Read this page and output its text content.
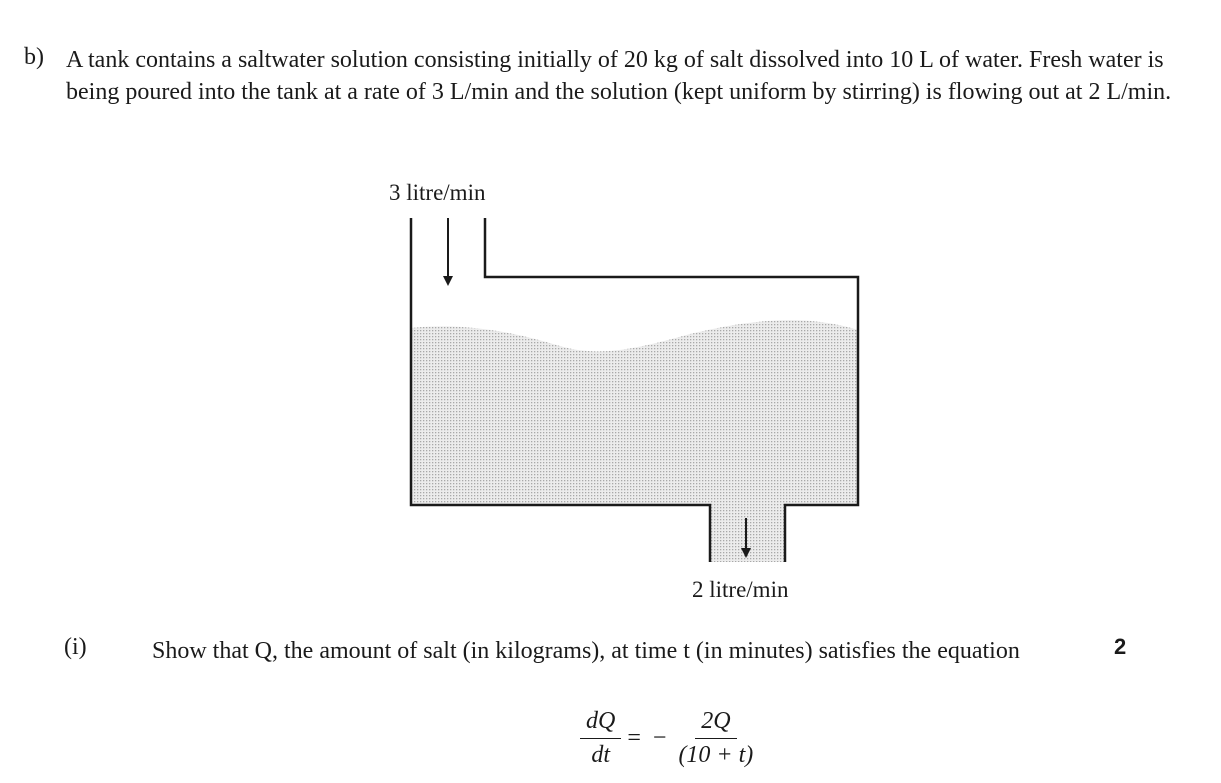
b) A tank contains a saltwater solution consisting initially of 20 kg of salt dissolved into 10 L of water. Fresh water is being poured into the tank at a rate of 3 L/min and the solution (kept uniform by stirring) is flowing out at 2 L/min.
3 litre/min
2 litre/min
(i)	Show that Q, the amount of salt (in kilograms), at time t (in minutes) satisfies the equation	2
$\frac{dQ}{dt}$ = − $\frac{2Q}{(10 + t)}$
